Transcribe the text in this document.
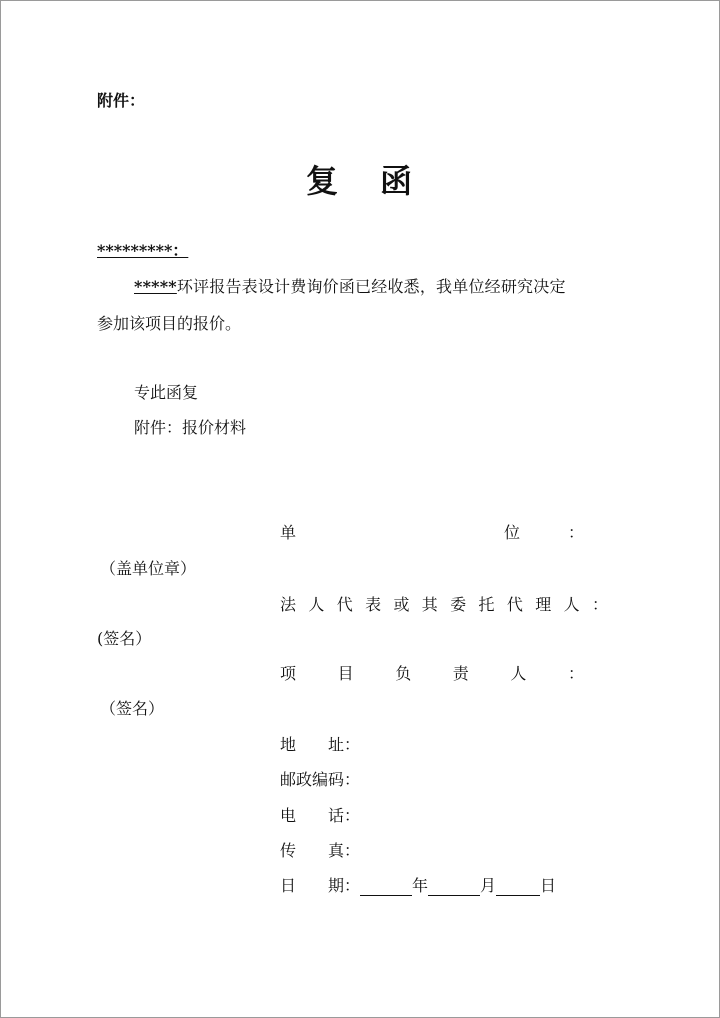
附件：
复 函
*********：
*****环评报告表设计费询价函已经收悉，我单位经研究决定
参加该项目的报价。
专此函复
附件：报价材料
单	位	：
（盖单位章）
法 人 代 表 或 其 委 托 代 理 人 ：
(签名）
项	目	负	责	人	：
（签名）
地　　址：
邮政编码：
电　　话：
传　　真：
日　　期：	年	月	日
